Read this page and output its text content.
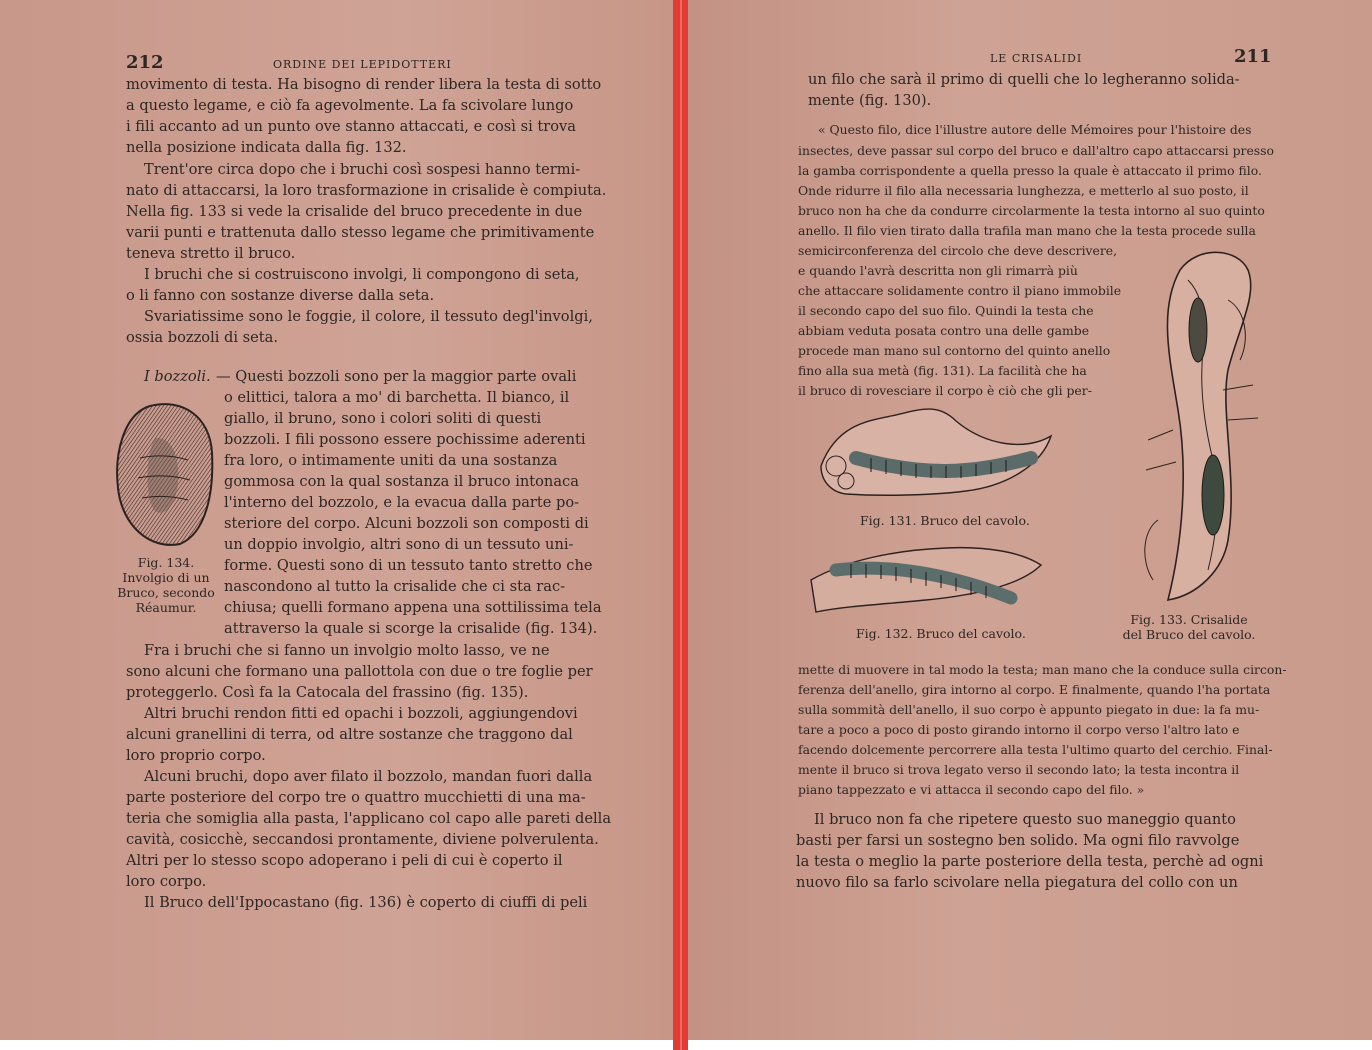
212	ORDINE DEI LEPIDOTTERI
movimento di testa. Ha bisogno di render libera la testa di sotto
a questo legame, e ciò fa agevolmente. La fa scivolare lungo
i fili accanto ad un punto ove stanno attaccati, e così si trova
nella posizione indicata dalla fig. 132.
Trent'ore circa dopo che i bruchi così sospesi hanno termi-
nato di attaccarsi, la loro trasformazione in crisalide è compiuta.
Nella fig. 133 si vede la crisalide del bruco precedente in due
varii punti e trattenuta dallo stesso legame che primitivamente
teneva stretto il bruco.
I bruchi che si costruiscono involgi, li compongono di seta,
o li fanno con sostanze diverse dalla seta.
Svariatissime sono le foggie, il colore, il tessuto degl'involgi,
ossia bozzoli di seta.
I bozzoli. — Questi bozzoli sono per la maggior parte ovali
o elittici, talora a mo' di barchetta. Il bianco, il
giallo, il bruno, sono i colori soliti di questi
bozzoli. I fili possono essere pochissime aderenti
fra loro, o intimamente uniti da una sostanza
gommosa con la qual sostanza il bruco intonaca
l'interno del bozzolo, e la evacua dalla parte po-
steriore del corpo. Alcuni bozzoli son composti di
un doppio involgio, altri sono di un tessuto uni-
forme. Questi sono di un tessuto tanto stretto che
nascondono al tutto la crisalide che ci sta rac-
chiusa; quelli formano appena una sottilissima tela
attraverso la quale si scorge la crisalide (fig. 134).
Fig. 134.
Involgio di un
Bruco, secondo
Réaumur.
Fra i bruchi che si fanno un involgio molto lasso, ve ne
sono alcuni che formano una pallottola con due o tre foglie per
proteggerlo. Così fa la Catocala del frassino (fig. 135).
Altri bruchi rendon fitti ed opachi i bozzoli, aggiungendovi
alcuni granellini di terra, od altre sostanze che traggono dal
loro proprio corpo.
Alcuni bruchi, dopo aver filato il bozzolo, mandan fuori dalla
parte posteriore del corpo tre o quattro mucchietti di una ma-
teria che somiglia alla pasta, l'applicano col capo alle pareti della
cavità, cosicchè, seccandosi prontamente, diviene polverulenta.
Altri per lo stesso scopo adoperano i peli di cui è coperto il
loro corpo.
Il Bruco dell'Ippocastano (fig. 136) è coperto di ciuffi di peli
LE CRISALIDI	211
un filo che sarà il primo di quelli che lo legheranno solida-
mente (fig. 130).
« Questo filo, dice l'illustre autore delle Mémoires pour l'histoire des
insectes, deve passar sul corpo del bruco e dall'altro capo attaccarsi presso
la gamba corrispondente a quella presso la quale è attaccato il primo filo.
Onde ridurre il filo alla necessaria lunghezza, e metterlo al suo posto, il
bruco non ha che da condurre circolarmente la testa intorno al suo quinto
anello. Il filo vien tirato dalla trafila man mano che la testa procede sulla
semicirconferenza del circolo che deve descrivere,
e quando l'avrà descritta non gli rimarrà più
che attaccare solidamente contro il piano immobile
il secondo capo del suo filo. Quindi la testa che
abbiam veduta posata contro una delle gambe
procede man mano sul contorno del quinto anello
fino alla sua metà (fig. 131). La facilità che ha
il bruco di rovesciare il corpo è ciò che gli per-
Fig. 131. Bruco del cavolo.
Fig. 132. Bruco del cavolo.
Fig. 133. Crisalide
del Bruco del cavolo.
mette di muovere in tal modo la testa; man mano che la conduce sulla circon-
ferenza dell'anello, gira intorno al corpo. E finalmente, quando l'ha portata
sulla sommità dell'anello, il suo corpo è appunto piegato in due: la fa mu-
tare a poco a poco di posto girando intorno il corpo verso l'altro lato e
facendo dolcemente percorrere alla testa l'ultimo quarto del cerchio. Final-
mente il bruco si trova legato verso il secondo lato; la testa incontra il
piano tappezzato e vi attacca il secondo capo del filo. »
Il bruco non fa che ripetere questo suo maneggio quanto
basti per farsi un sostegno ben solido. Ma ogni filo ravvolge
la testa o meglio la parte posteriore della testa, perchè ad ogni
nuovo filo sa farlo scivolare nella piegatura del collo con un
